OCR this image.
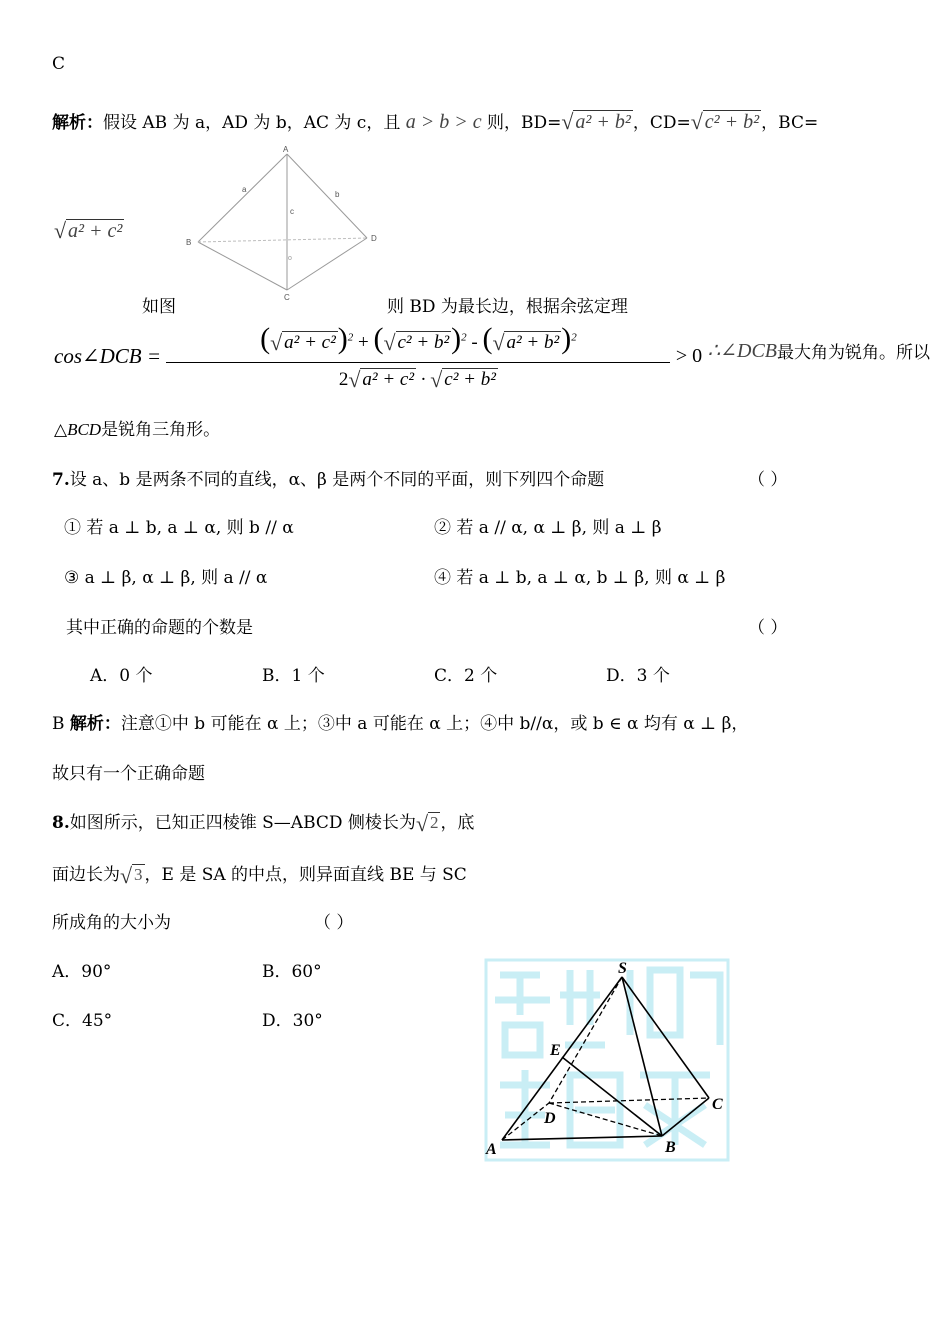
C
解析：假设 AB 为 a，AD 为 b，AC 为 c，且 a > b > c 则，BD= √ a² + b² ，CD= √ c² + b² ，BC=
√ a² + c²
A
B
C
D
a
b
c
o
如图	则 BD 为最长边，根据余弦定理
cos∠DCB = $\frac{( √ a^2 + c^2)^2 + ( √ c^2 + b^2)^2 - ( √ a^2 + b^2)^2}{\text{2 √ a² + c² · √ c² + b²}} > 0$ ∴∠DCB最大角为锐角。所以
△BCD是锐角三角形。
7.设 a、b 是两条不同的直线，α、β 是两个不同的平面，则下列四个命题	（ ）
① 若 a ⊥ b, a ⊥ α, 则 b // α	② 若 a // α, α ⊥ β, 则 a ⊥ β
③ a ⊥ β, α ⊥ β, 则 a // α	④ 若 a ⊥ b, a ⊥ α, b ⊥ β, 则 α ⊥ β
其中正确的命题的个数是	（ ）
A．0 个	B．1 个	C．2 个	D．3 个
B 解析：注意①中 b 可能在 α 上；③中 a 可能在 α 上；④中 b//α，或 b ∈ α 均有 α ⊥ β，
故只有一个正确命题
8.如图所示，已知正四棱锥 S—ABCD 侧棱长为 √ 2 ，底
面边长为 √ 3 ，E 是 SA 的中点，则异面直线 BE 与 SC
所成角的大小为	（ ）
A．90°	B．60°
C．45°	D．30°
S
E
D
C
A	B
